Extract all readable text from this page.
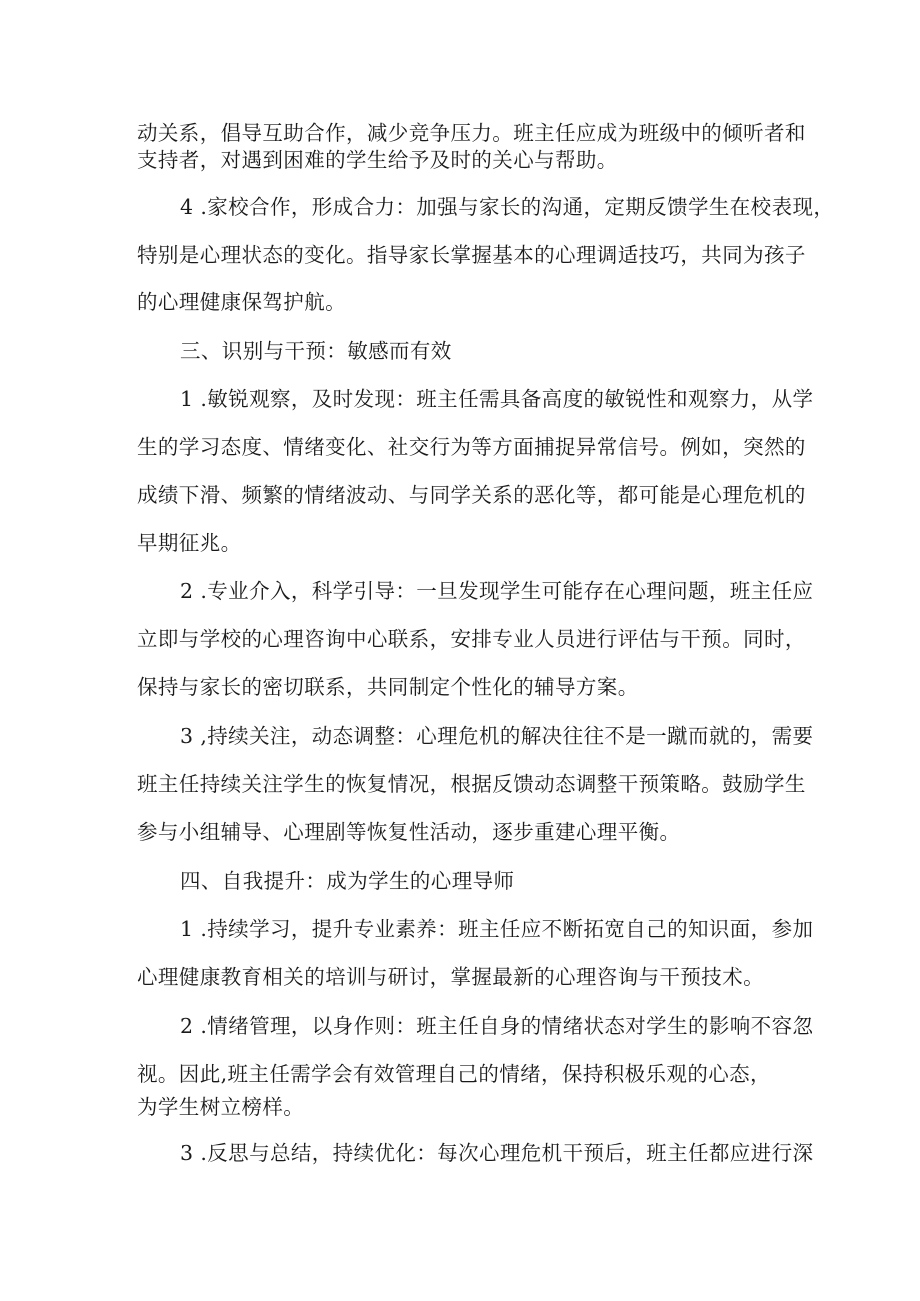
动关系，倡导互助合作，减少竞争压力。班主任应成为班级中的倾听者和
支持者，对遇到困难的学生给予及时的关心与帮助。
4 .家校合作，形成合力：加强与家长的沟通，定期反馈学生在校表现，
特别是心理状态的变化。指导家长掌握基本的心理调适技巧，共同为孩子
的心理健康保驾护航。
三、识别与干预：敏感而有效
1 .敏锐观察，及时发现：班主任需具备高度的敏锐性和观察力，从学
生的学习态度、情绪变化、社交行为等方面捕捉异常信号。例如，突然的
成绩下滑、频繁的情绪波动、与同学关系的恶化等，都可能是心理危机的
早期征兆。
2 .专业介入，科学引导：一旦发现学生可能存在心理问题，班主任应
立即与学校的心理咨询中心联系，安排专业人员进行评估与干预。同时，
保持与家长的密切联系，共同制定个性化的辅导方案。
3 ,持续关注，动态调整：心理危机的解决往往不是一蹴而就的，需要
班主任持续关注学生的恢复情况，根据反馈动态调整干预策略。鼓励学生
参与小组辅导、心理剧等恢复性活动，逐步重建心理平衡。
四、自我提升：成为学生的心理导师
1 .持续学习，提升专业素养：班主任应不断拓宽自己的知识面，参加
心理健康教育相关的培训与研讨，掌握最新的心理咨询与干预技术。
2 .情绪管理，以身作则：班主任自身的情绪状态对学生的影响不容忽
视。因此,班主任需学会有效管理自己的情绪，保持积极乐观的心态，
为学生树立榜样。
3 .反思与总结，持续优化：每次心理危机干预后，班主任都应进行深
